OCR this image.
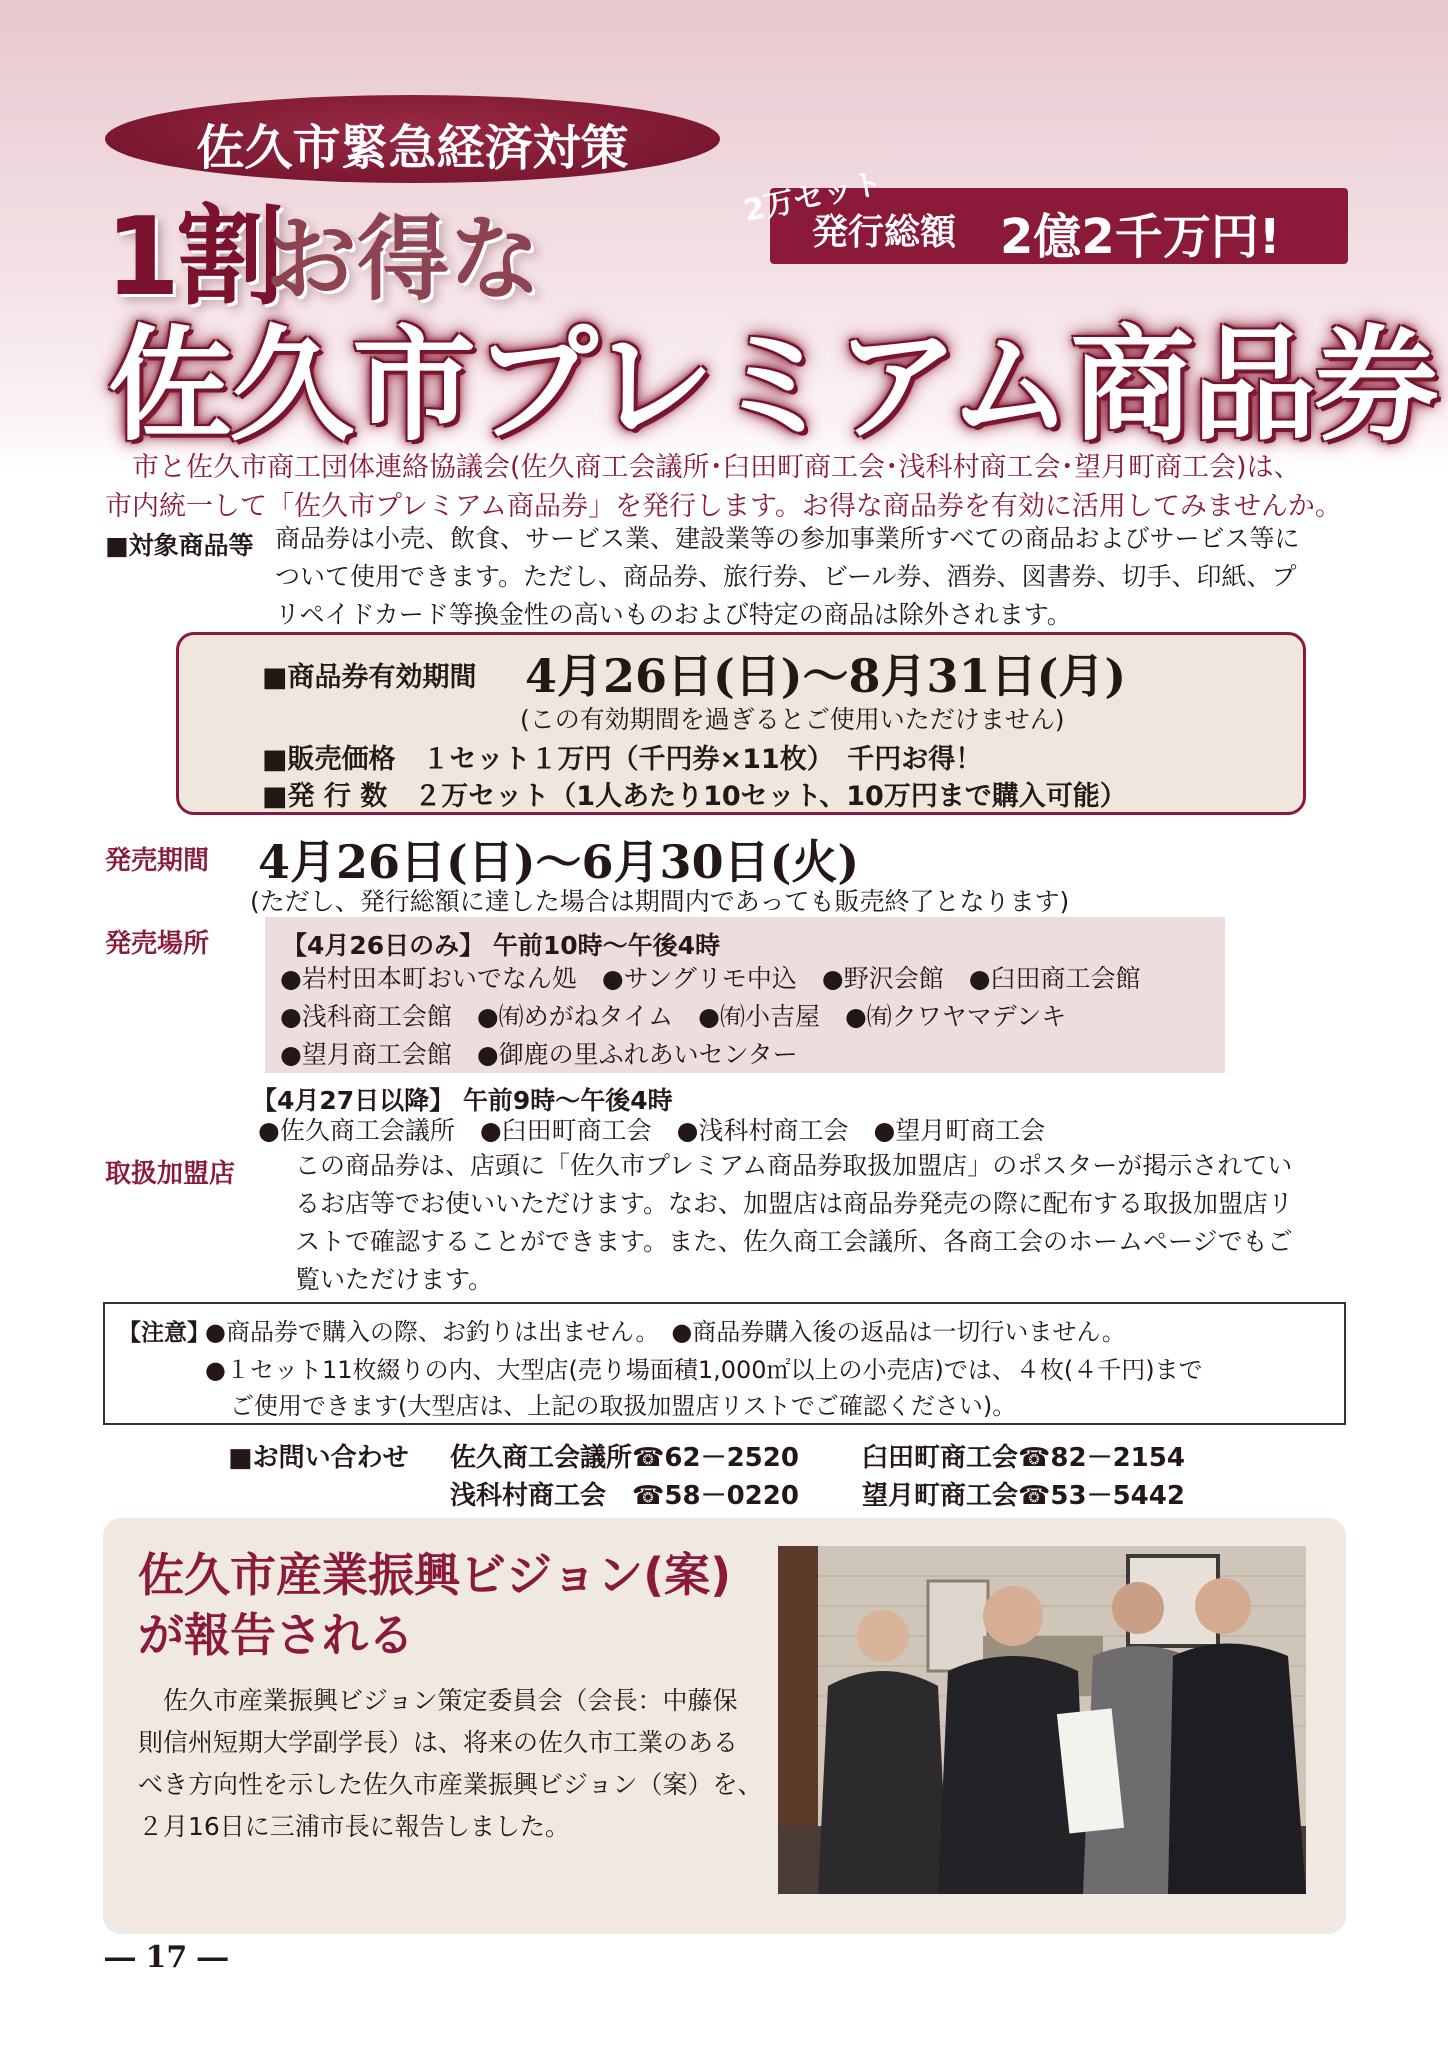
佐久市緊急経済対策
1割
お得な
2万セット
発行総額 2億2千万円!
佐久市プレミアム商品券
市と佐久市商工団体連絡協議会(佐久商工会議所･臼田町商工会･浅科村商工会･望月町商工会)は、
市内統一して「佐久市プレミアム商品券」を発行します。お得な商品券を有効に活用してみませんか。
■対象商品等 商品券は小売、飲食、サービス業、建設業等の参加事業所すべての商品およびサービス等に
ついて使用できます。ただし、商品券、旅行券、ビール券、酒券、図書券、切手、印紙、プ
リペイドカード等換金性の高いものおよび特定の商品は除外されます。
■商品券有効期間 4月26日(日)～8月31日(月)
(この有効期間を過ぎるとご使用いただけません)
■販売価格　１セット１万円（千円券×11枚）　千円お得！
■発 行 数　２万セット（1人あたり10セット、10万円まで購入可能）
発売期間 4月26日(日)～6月30日(火)
(ただし、発行総額に達した場合は期間内であっても販売終了となります)
発売場所	【4月26日のみ】 午前10時～午後4時
●岩村田本町おいでなん処　●サングリモ中込　●野沢会館　●臼田商工会館
●浅科商工会館　●㈲めがねタイム　●㈲小吉屋　●㈲クワヤマデンキ
●望月商工会館　●御鹿の里ふれあいセンター
【4月27日以降】 午前9時～午後4時
●佐久商工会議所　●臼田町商工会　●浅科村商工会　●望月町商工会
取扱加盟店 この商品券は、店頭に「佐久市プレミアム商品券取扱加盟店」のポスターが掲示されてい
るお店等でお使いいただけます。なお、加盟店は商品券発売の際に配布する取扱加盟店リ
ストで確認することができます。また、佐久商工会議所、各商工会のホームページでもご
覧いただけます。
【注意】
●商品券で購入の際、お釣りは出ません。　●商品券購入後の返品は一切行いません。
●１セット11枚綴りの内、大型店(売り場面積1,000㎡以上の小売店)では、４枚(４千円)まで
ご使用できます(大型店は、上記の取扱加盟店リストでご確認ください)。
■お問い合わせ 佐久商工会議所☎62－2520 臼田町商工会☎82－2154
浅科村商工会　☎58－0220 望月町商工会☎53－5442
佐久市産業振興ビジョン(案)
が報告される
佐久市産業振興ビジョン策定委員会（会長：中藤保
則信州短期大学副学長）は、将来の佐久市工業のある
べき方向性を示した佐久市産業振興ビジョン（案）を、
２月16日に三浦市長に報告しました。
― 17 ―
